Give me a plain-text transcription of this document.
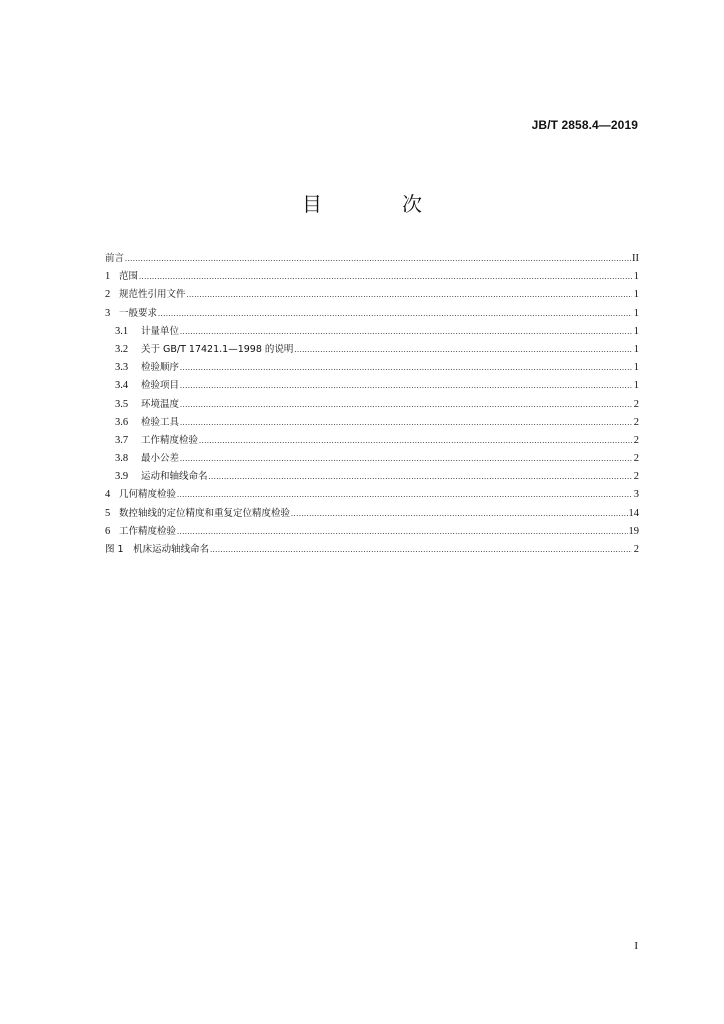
JB/T 2858.4—2019
目　次
前言 .....	II
1 范围 .....	1
2 规范性引用文件 .....	1
3 一般要求 .....	1
3.1	计量单位 .....	1
3.2	关于 GB/T 17421.1—1998 的说明 .....	1
3.3	检验顺序 .....	1
3.4	检验项目 .....	1
3.5	环境温度 .....	2
3.6	检验工具 .....	2
3.7	工作精度检验 .....	2
3.8	最小公差 .....	2
3.9	运动和轴线命名 .....	2
4 几何精度检验 .....	3
5 数控轴线的定位精度和重复定位精度检验 .....	14
6 工作精度检验 .....	19
图 1　机床运动轴线命名 .....	2
I
